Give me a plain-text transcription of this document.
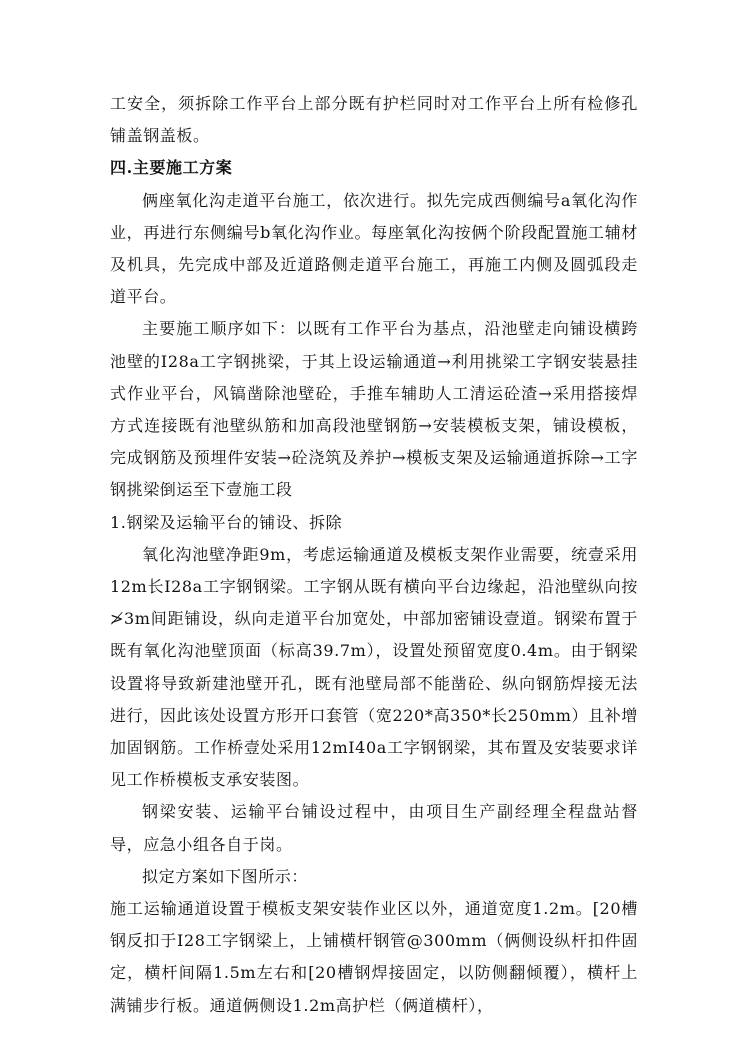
工安全，须拆除工作平台上部分既有护栏同时对工作平台上所有检修孔铺盖钢盖板。

四.主要施工方案

俩座氧化沟走道平台施工，依次进行。拟先完成西侧编号a氧化沟作业，再进行东侧编号b氧化沟作业。每座氧化沟按俩个阶段配置施工辅材及机具，先完成中部及近道路侧走道平台施工，再施工内侧及圆弧段走道平台。

主要施工顺序如下：以既有工作平台为基点，沿池壁走向铺设横跨池壁的I28a工字钢挑梁，于其上设运输通道→利用挑梁工字钢安装悬挂式作业平台，风镐凿除池壁砼，手推车辅助人工清运砼渣→采用搭接焊方式连接既有池壁纵筋和加高段池壁钢筋→安装模板支架，铺设模板，完成钢筋及预埋件安装→砼浇筑及养护→模板支架及运输通道拆除→工字钢挑梁倒运至下壹施工段

1.钢梁及运输平台的铺设、拆除

氧化沟池壁净距9m，考虑运输通道及模板支架作业需要，统壹采用12m长I28a工字钢钢梁。工字钢从既有横向平台边缘起，沿池壁纵向按≯3m间距铺设，纵向走道平台加宽处，中部加密铺设壹道。钢梁布置于既有氧化沟池壁顶面（标高39.7m），设置处预留宽度0.4m。由于钢梁设置将导致新建池壁开孔，既有池壁局部不能凿砼、纵向钢筋焊接无法进行，因此该处设置方形开口套管（宽220*高350*长250mm）且补增加固钢筋。工作桥壹处采用12mI40a工字钢钢梁，其布置及安装要求详见工作桥模板支承安装图。

钢梁安装、运输平台铺设过程中，由项目生产副经理全程盘站督导，应急小组各自于岗。

拟定方案如下图所示：

施工运输通道设置于模板支架安装作业区以外，通道宽度1.2m。[20槽钢反扣于I28工字钢梁上，上铺横杆钢管@300mm（俩侧设纵杆扣件固定，横杆间隔1.5m左右和[20槽钢焊接固定，以防侧翻倾覆），横杆上满铺步行板。通道俩侧设1.2m高护栏（俩道横杆），
